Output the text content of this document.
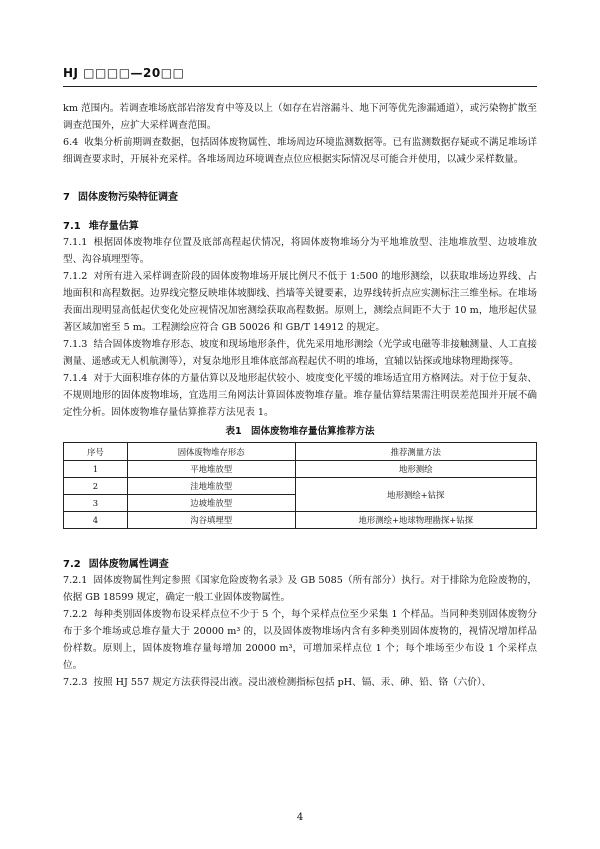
HJ □□□□—20□□

km 范围内。若调查堆场底部岩溶发育中等及以上（如存在岩溶漏斗、地下河等优先渗漏通道），或污染物扩散至调查范围外，应扩大采样调查范围。

6.4 收集分析前期调查数据，包括固体废物属性、堆场周边环境监测数据等。已有监测数据存疑或不满足堆场详细调查要求时，开展补充采样。各堆场周边环境调查点位应根据实际情况尽可能合并使用，以减少采样数量。

7 固体废物污染特征调查
7.1 堆存量估算

7.1.1 根据固体废物堆存位置及底部高程起伏情况，将固体废物堆场分为平地堆放型、洼地堆放型、边坡堆放型、沟谷填埋型等。

7.1.2 对所有进入采样调查阶段的固体废物堆场开展比例尺不低于 1:500 的地形测绘，以获取堆场边界线、占地面积和高程数据。边界线完整反映堆体坡脚线、挡墙等关键要素，边界线转折点应实测标注三维坐标。在堆场表面出现明显高低起伏变化处应视情况加密测绘获取高程数据。原则上，测绘点间距不大于 10 m，地形起伏显著区域加密至 5 m。工程测绘应符合 GB 50026 和 GB/T 14912 的规定。

7.1.3 结合固体废物堆存形态、坡度和现场地形条件，优先采用地形测绘（光学或电磁等非接触测量、人工直接测量、遥感或无人机航测等），对复杂地形且堆体底部高程起伏不明的堆场，宜辅以钻探或地球物理勘探等。

7.1.4 对于大面积堆存体的方量估算以及地形起伏较小、坡度变化平缓的堆场适宜用方格网法。对于位于复杂、不规则地形的固体废物堆场，宜选用三角网法计算固体废物堆存量。堆存量估算结果需注明误差范围并开展不确定性分析。固体废物堆存量估算推荐方法见表 1。

表1　固体废物堆存量估算推荐方法
序号	固体废物堆存形态	推荐测量方法
1	平地堆放型	地形测绘
2	洼地堆放型	地形测绘+钻探
3	边坡堆放型	
4	沟谷填埋型	地形测绘+地球物理勘探+钻探
7.2 固体废物属性调查

7.2.1 固体废物属性判定参照《国家危险废物名录》及 GB 5085（所有部分）执行。对于排除为危险废物的，依据 GB 18599 规定，确定一般工业固体废物属性。

7.2.2 每种类别固体废物布设采样点位不少于 5 个，每个采样点位至少采集 1 个样品。当同种类别固体废物分布于多个堆场或总堆存量大于 20000 m³ 的，以及固体废物堆场内含有多种类别固体废物的，视情况增加样品份样数。原则上，固体废物堆存量每增加 20000 m³，可增加采样点位 1 个；每个堆场至少布设 1 个采样点位。

7.2.3 按照 HJ 557 规定方法获得浸出液。浸出液检测指标包括 pH、镉、汞、砷、铅、铬（六价）、

4
